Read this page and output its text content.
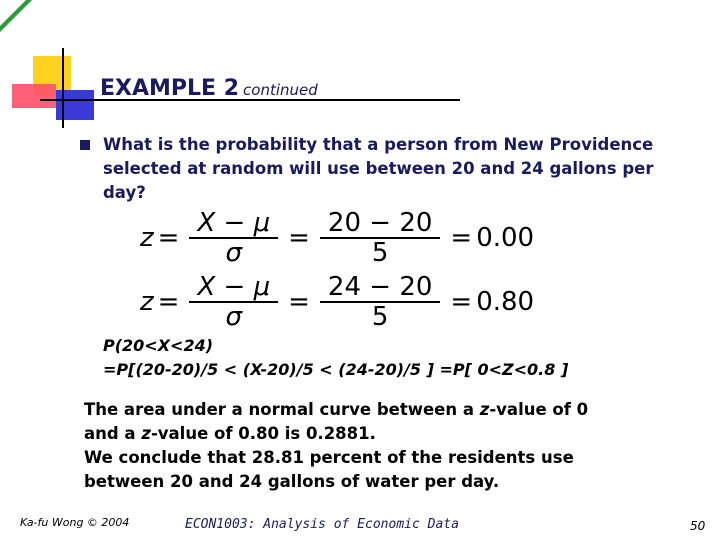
EXAMPLE 2 continued
What is the probability that a person from New Providence selected at random will use between 20 and 24 gallons per day?
$z = \frac{X - \mu}{\sigma} = \frac{20 - 20}{5} = 0.00$
$z = \frac{X - \mu}{\sigma} = \frac{24 - 20}{5} = 0.80$
P(20<X<24)
=P[(20-20)/5 < (X-20)/5 < (24-20)/5 ] =P[ 0<Z<0.8 ]
The area under a normal curve between a z-value of 0
and a z-value of 0.80 is 0.2881.
We conclude that 28.81 percent of the residents use
between 20 and 24 gallons of water per day.
Ka-fu Wong © 2004	ECON1003: Analysis of Economic Data	50
